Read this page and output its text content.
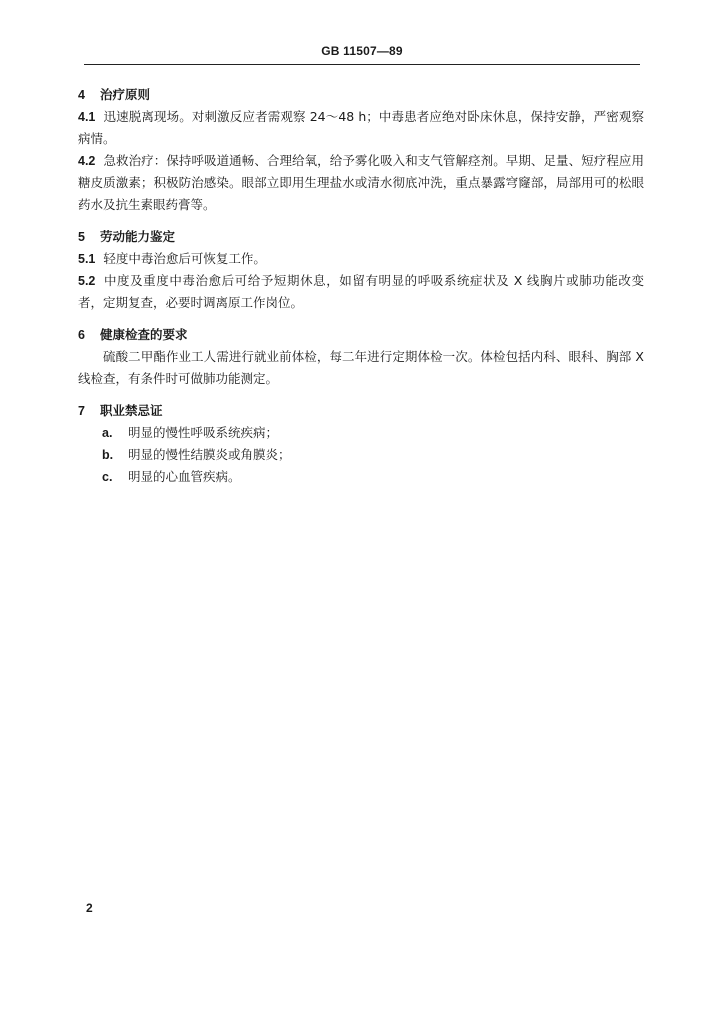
GB 11507—89
4 治疗原则
4.1 迅速脱离现场。对刺激反应者需观察 24～48 h；中毒患者应绝对卧床休息，保持安静，严密观察病情。
4.2 急救治疗：保持呼吸道通畅、合理给氧，给予雾化吸入和支气管解痉剂。早期、足量、短疗程应用糖皮质激素；积极防治感染。眼部立即用生理盐水或清水彻底冲洗，重点暴露穹窿部，局部用可的松眼药水及抗生素眼药膏等。
5 劳动能力鉴定
5.1 轻度中毒治愈后可恢复工作。
5.2 中度及重度中毒治愈后可给予短期休息，如留有明显的呼吸系统症状及 X 线胸片或肺功能改变者，定期复查，必要时调离原工作岗位。
6 健康检查的要求
硫酸二甲酯作业工人需进行就业前体检，每二年进行定期体检一次。体检包括内科、眼科、胸部 X 线检查，有条件时可做肺功能测定。
7 职业禁忌证
a. 明显的慢性呼吸系统疾病；
b. 明显的慢性结膜炎或角膜炎；
c. 明显的心血管疾病。
2
